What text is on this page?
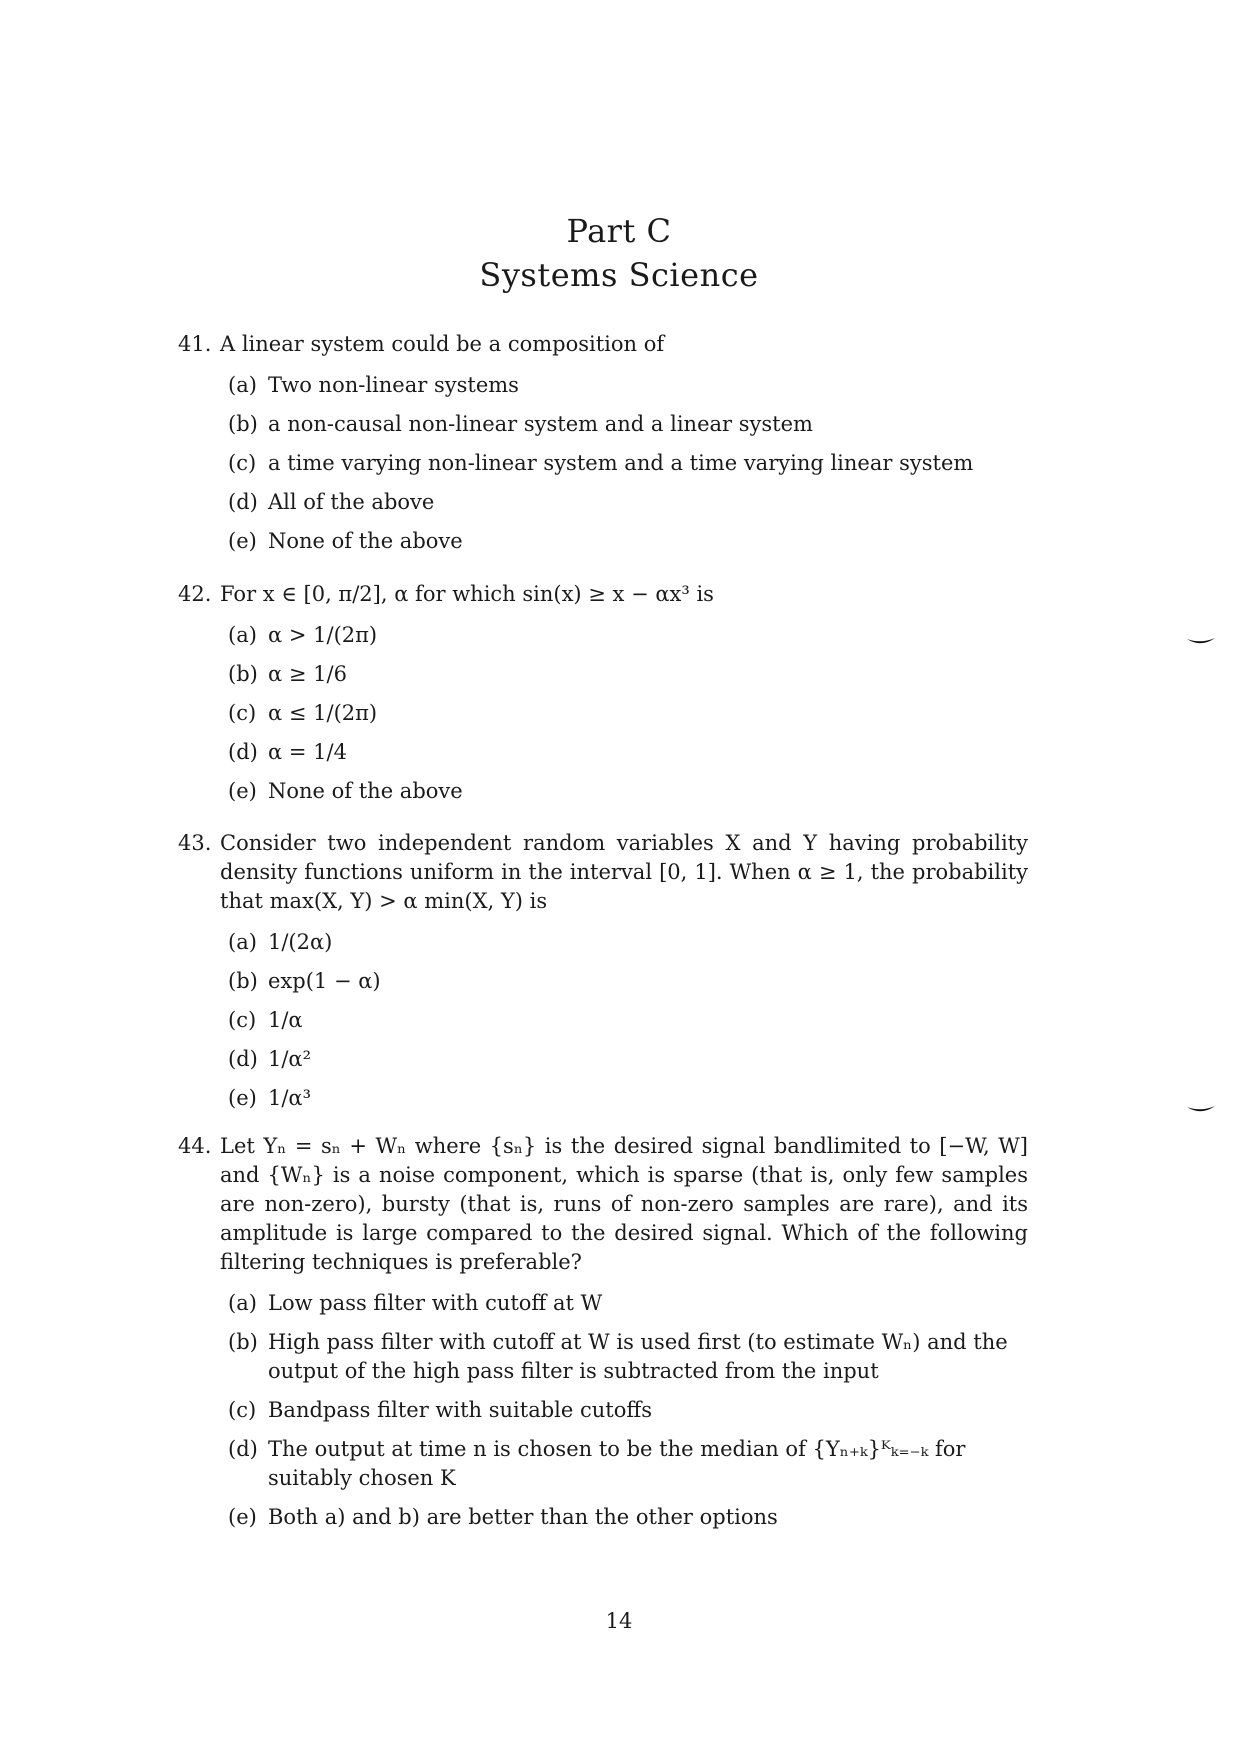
Part C
Systems Science
41. A linear system could be a composition of
(a) Two non-linear systems
(b) a non-causal non-linear system and a linear system
(c) a time varying non-linear system and a time varying linear system
(d) All of the above
(e) None of the above
42. For x ∈ [0, π/2], α for which sin(x) ≥ x − αx³ is
(a) α > 1/(2π)
(b) α ≥ 1/6
(c) α ≤ 1/(2π)
(d) α = 1/4
(e) None of the above
43. Consider two independent random variables X and Y having probability density functions uniform in the interval [0, 1]. When α ≥ 1, the probability that max(X, Y) > α min(X, Y) is
(a) 1/(2α)
(b) exp(1 − α)
(c) 1/α
(d) 1/α²
(e) 1/α³
44. Let Yₙ = sₙ + Wₙ where {sₙ} is the desired signal bandlimited to [−W, W] and {Wₙ} is a noise component, which is sparse (that is, only few samples are non-zero), bursty (that is, runs of non-zero samples are rare), and its amplitude is large compared to the desired signal. Which of the following filtering techniques is preferable?
(a) Low pass filter with cutoff at W
(b) High pass filter with cutoff at W is used first (to estimate Wₙ) and the output of the high pass filter is subtracted from the input
(c) Bandpass filter with suitable cutoffs
(d) The output at time n is chosen to be the median of {Yₙ₊ₖ}ᴷₖ₌₋ₖ for suitably chosen K
(e) Both a) and b) are better than the other options
14
